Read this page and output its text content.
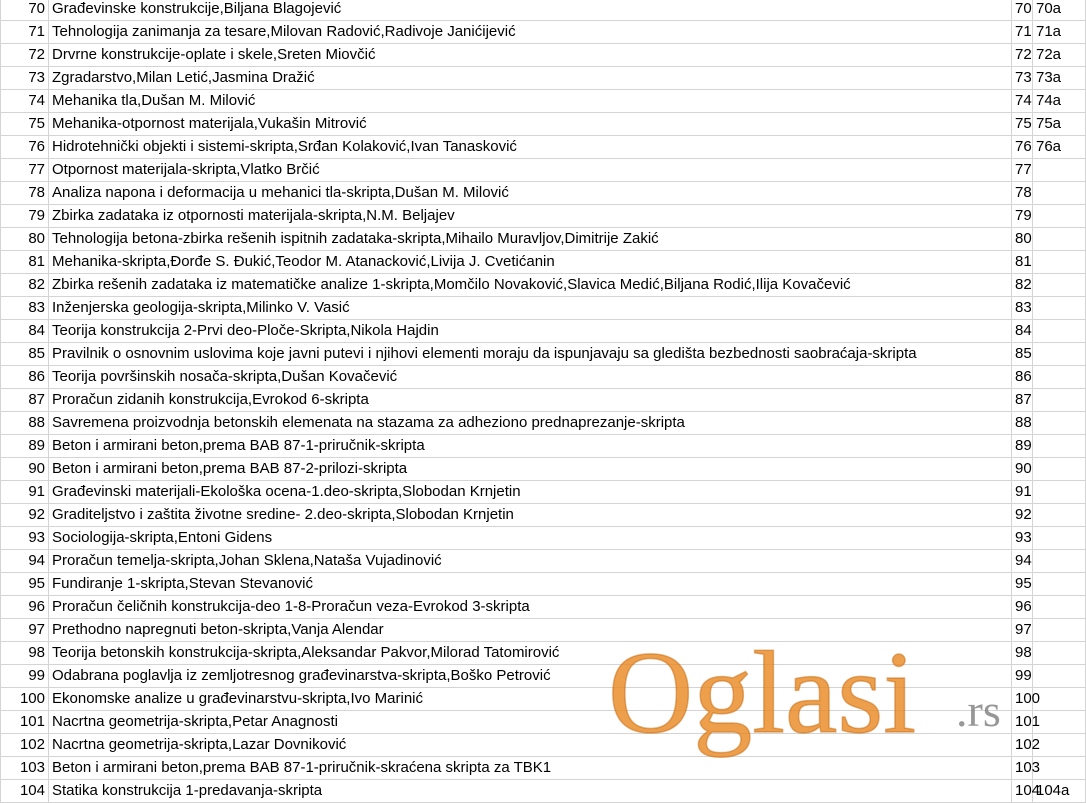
70	Građevinske konstrukcije,Biljana Blagojević	70	70a
71	Tehnologija zanimanja za tesare,Milovan Radović,Radivoje Janićijević	71	71a
72	Drvrne konstrukcije-oplate i skele,Sreten Miovčić	72	72a
73	Zgradarstvo,Milan Letić,Jasmina Dražić	73	73a
74	Mehanika tla,Dušan M. Milović	74	74a
75	Mehanika-otpornost materijala,Vukašin Mitrović	75	75a
76	Hidrotehnički objekti i sistemi-skripta,Srđan Kolaković,Ivan Tanasković	76	76a
77	Otpornost materijala-skripta,Vlatko Brčić	77	
78	Analiza napona i deformacija u mehanici tla-skripta,Dušan M. Milović	78	
79	Zbirka zadataka iz otpornosti materijala-skripta,N.M. Beljajev	79	
80	Tehnologija betona-zbirka rešenih ispitnih zadataka-skripta,Mihailo Muravljov,Dimitrije Zakić	80	
81	Mehanika-skripta,Đorđe S. Đukić,Teodor M. Atanacković,Livija J. Cvetićanin	81	
82	Zbirka rešenih zadataka iz matematičke analize 1-skripta,Momčilo Novaković,Slavica Medić,Biljana Rodić,Ilija Kovačević	82	
83	Inženjerska geologija-skripta,Milinko V. Vasić	83	
84	Teorija konstrukcija 2-Prvi deo-Ploče-Skripta,Nikola Hajdin	84	
85	Pravilnik o osnovnim uslovima koje javni putevi i njihovi elementi moraju da ispunjavaju sa gledišta bezbednosti saobraćaja-skripta	85	
86	Teorija površinskih nosača-skripta,Dušan Kovačević	86	
87	Proračun zidanih konstrukcija,Evrokod 6-skripta	87	
88	Savremena proizvodnja betonskih elemenata na stazama za adheziono prednaprezanje-skripta	88	
89	Beton i armirani beton,prema BAB 87-1-priručnik-skripta	89	
90	Beton i armirani beton,prema BAB 87-2-prilozi-skripta	90	
91	Građevinski materijali-Ekološka ocena-1.deo-skripta,Slobodan Krnjetin	91	
92	Graditeljstvo i zaštita životne sredine- 2.deo-skripta,Slobodan Krnjetin	92	
93	Sociologija-skripta,Entoni Gidens	93	
94	Proračun temelja-skripta,Johan Sklena,Nataša Vujadinović	94	
95	Fundiranje 1-skripta,Stevan Stevanović	95	
96	Proračun čeličnih konstrukcija-deo 1-8-Proračun veza-Evrokod 3-skripta	96	
97	Prethodno napregnuti beton-skripta,Vanja Alendar	97	
98	Teorija betonskih konstrukcija-skripta,Aleksandar Pakvor,Milorad Tatomirović	98	
99	Odabrana poglavlja iz zemljotresnog građevinarstva-skripta,Boško Petrović	99	
100	Ekonomske analize u građevinarstvu-skripta,Ivo Marinić	100	
101	Nacrtna geometrija-skripta,Petar Anagnosti	101	
102	Nacrtna geometrija-skripta,Lazar Dovniković	102	
103	Beton i armirani beton,prema BAB 87-1-priručnik-skraćena skripta za TBK1	103	
104	Statika konstrukcija 1-predavanja-skripta	104	104a
Oglasi .rs
